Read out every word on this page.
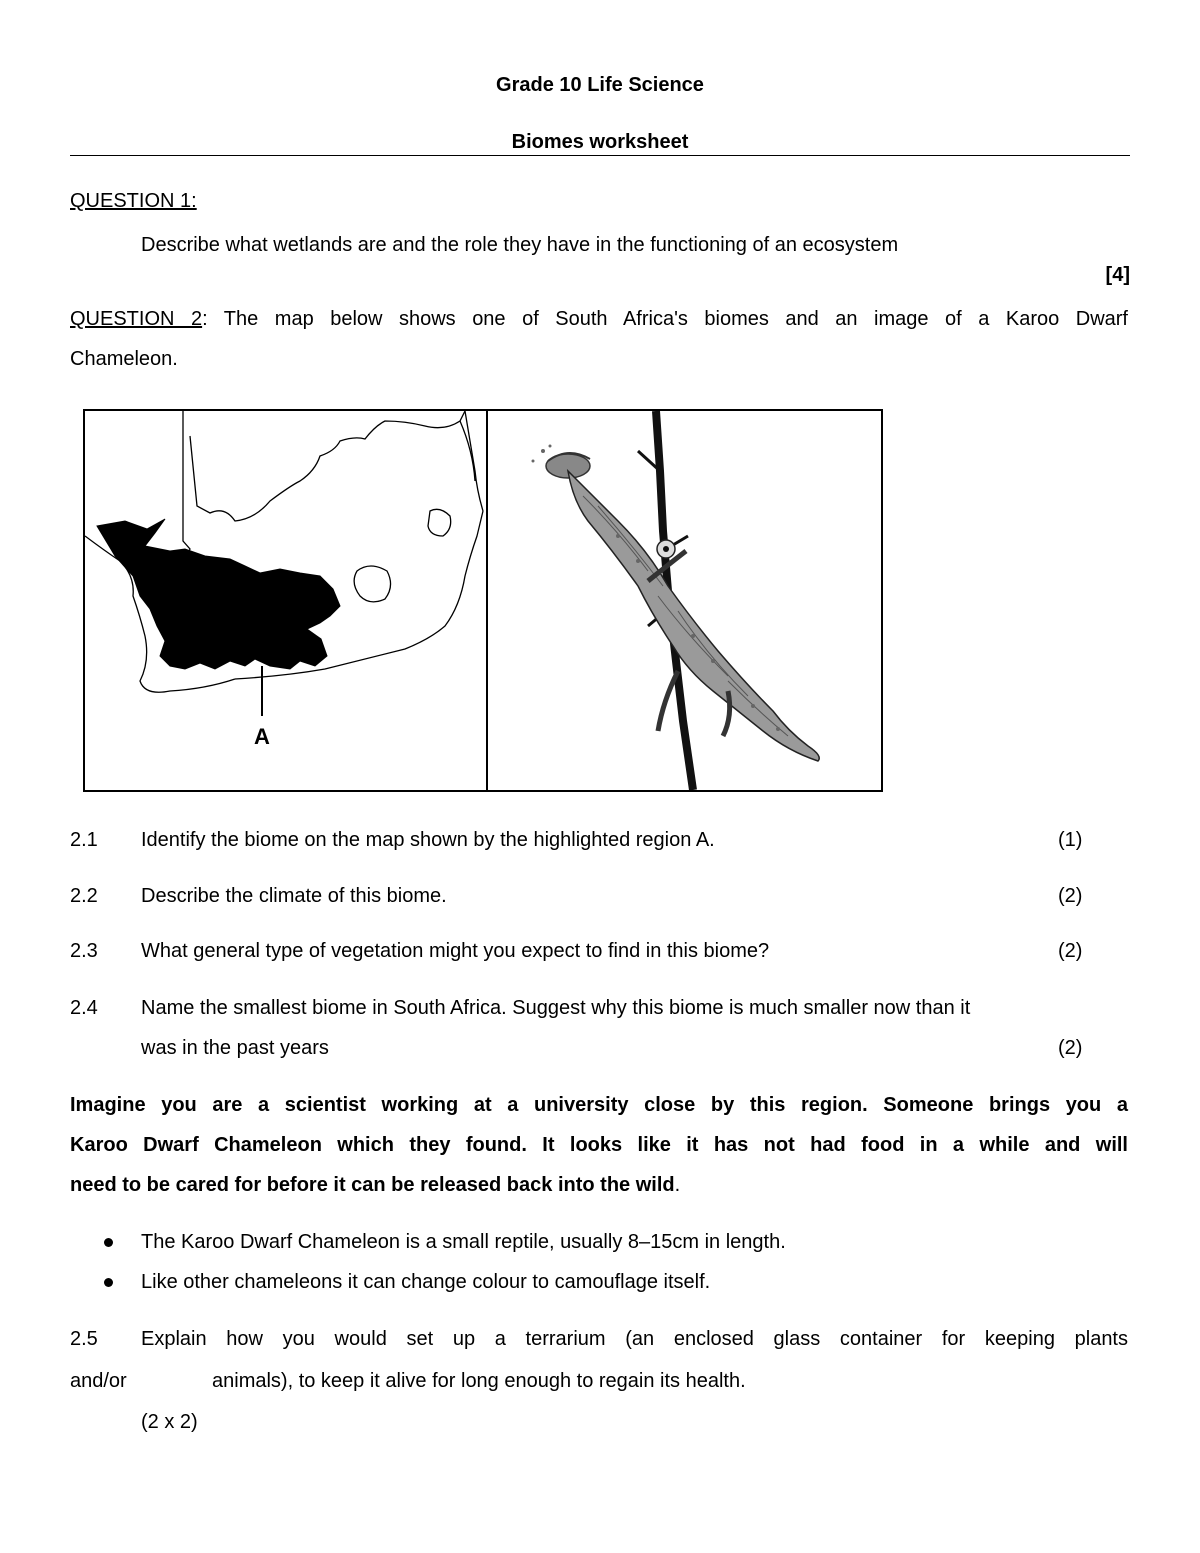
Grade 10 Life Science
Biomes worksheet
QUESTION 1:
Describe what wetlands are and the role they have in the functioning of an ecosystem
[4]
QUESTION 2: The map below shows one of South Africa's biomes and an image of a Karoo Dwarf
Chameleon.
A
2.1 Identify the biome on the map shown by the highlighted region A.	(1)
2.2 Describe the climate of this biome.	(2)
2.3 What general type of vegetation might you expect to find in this biome?	(2)
2.4 Name the smallest biome in South Africa. Suggest why this biome is much smaller now than it
was in the past years	(2)
Imagine you are a scientist working at a university close by this region. Someone brings you a
Karoo Dwarf Chameleon which they found. It looks like it has not had food in a while and will
need to be cared for before it can be released back into the wild.
The Karoo Dwarf Chameleon is a small reptile, usually 8–15cm in length.
Like other chameleons it can change colour to camouflage itself.
2.5 Explain how you would set up a terrarium (an enclosed glass container for keeping plants
and/or	animals), to keep it alive for long enough to regain its health.
(2 x 2)
